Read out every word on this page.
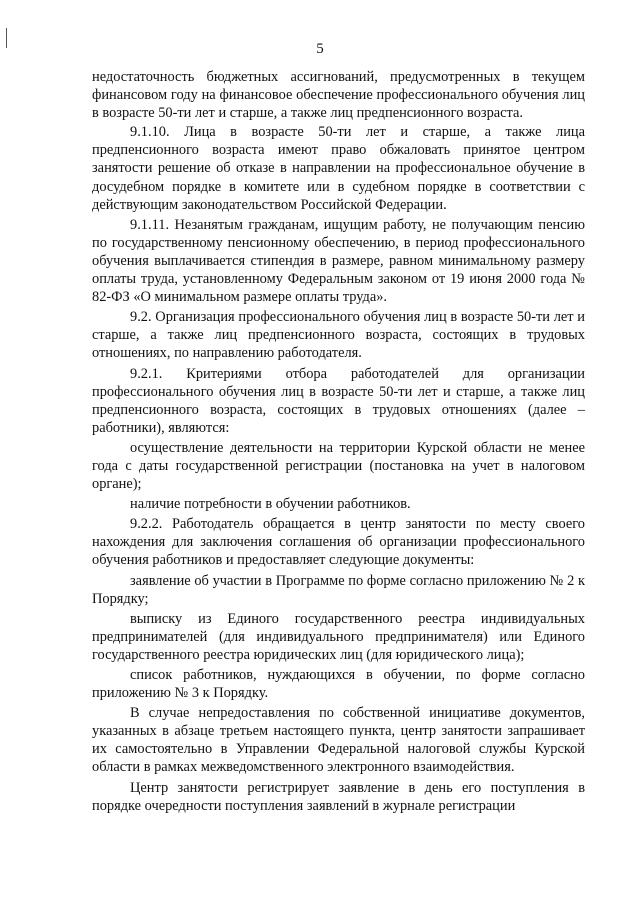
5

недостаточность бюджетных ассигнований, предусмотренных в текущем финансовом году на финансовое обеспечение профессионального обучения лиц в возрасте 50-ти лет и старше, а также лиц предпенсионного возраста.

9.1.10. Лица в возрасте 50-ти лет и старше, а также лица предпенсионного возраста имеют право обжаловать принятое центром занятости решение об отказе в направлении на профессиональное обучение в досудебном порядке в комитете или в судебном порядке в соответствии с действующим законодательством Российской Федерации.

9.1.11. Незанятым гражданам, ищущим работу, не получающим пенсию по государственному пенсионному обеспечению, в период профессионального обучения выплачивается стипендия в размере, равном минимальному размеру оплаты труда, установленному Федеральным законом от 19 июня 2000 года № 82-ФЗ «О минимальном размере оплаты труда».

9.2. Организация профессионального обучения лиц в возрасте 50-ти лет и старше, а также лиц предпенсионного возраста, состоящих в трудовых отношениях, по направлению работодателя.

9.2.1. Критериями отбора работодателей для организации профессионального обучения лиц в возрасте 50-ти лет и старше, а также лиц предпенсионного возраста, состоящих в трудовых отношениях (далее – работники), являются:

осуществление деятельности на территории Курской области не менее года с даты государственной регистрации (постановка на учет в налоговом органе);

наличие потребности в обучении работников.

9.2.2. Работодатель обращается в центр занятости по месту своего нахождения для заключения соглашения об организации профессионального обучения работников и предоставляет следующие документы:

заявление об участии в Программе по форме согласно приложению № 2 к Порядку;

выписку из Единого государственного реестра индивидуальных предпринимателей (для индивидуального предпринимателя) или Единого государственного реестра юридических лиц (для юридического лица);

список работников, нуждающихся в обучении, по форме согласно приложению № 3 к Порядку.

В случае непредоставления по собственной инициативе документов, указанных в абзаце третьем настоящего пункта, центр занятости запрашивает их самостоятельно в Управлении Федеральной налоговой службы Курской области в рамках межведомственного электронного взаимодействия.

Центр занятости регистрирует заявление в день его поступления в порядке очередности поступления заявлений в журнале регистрации
